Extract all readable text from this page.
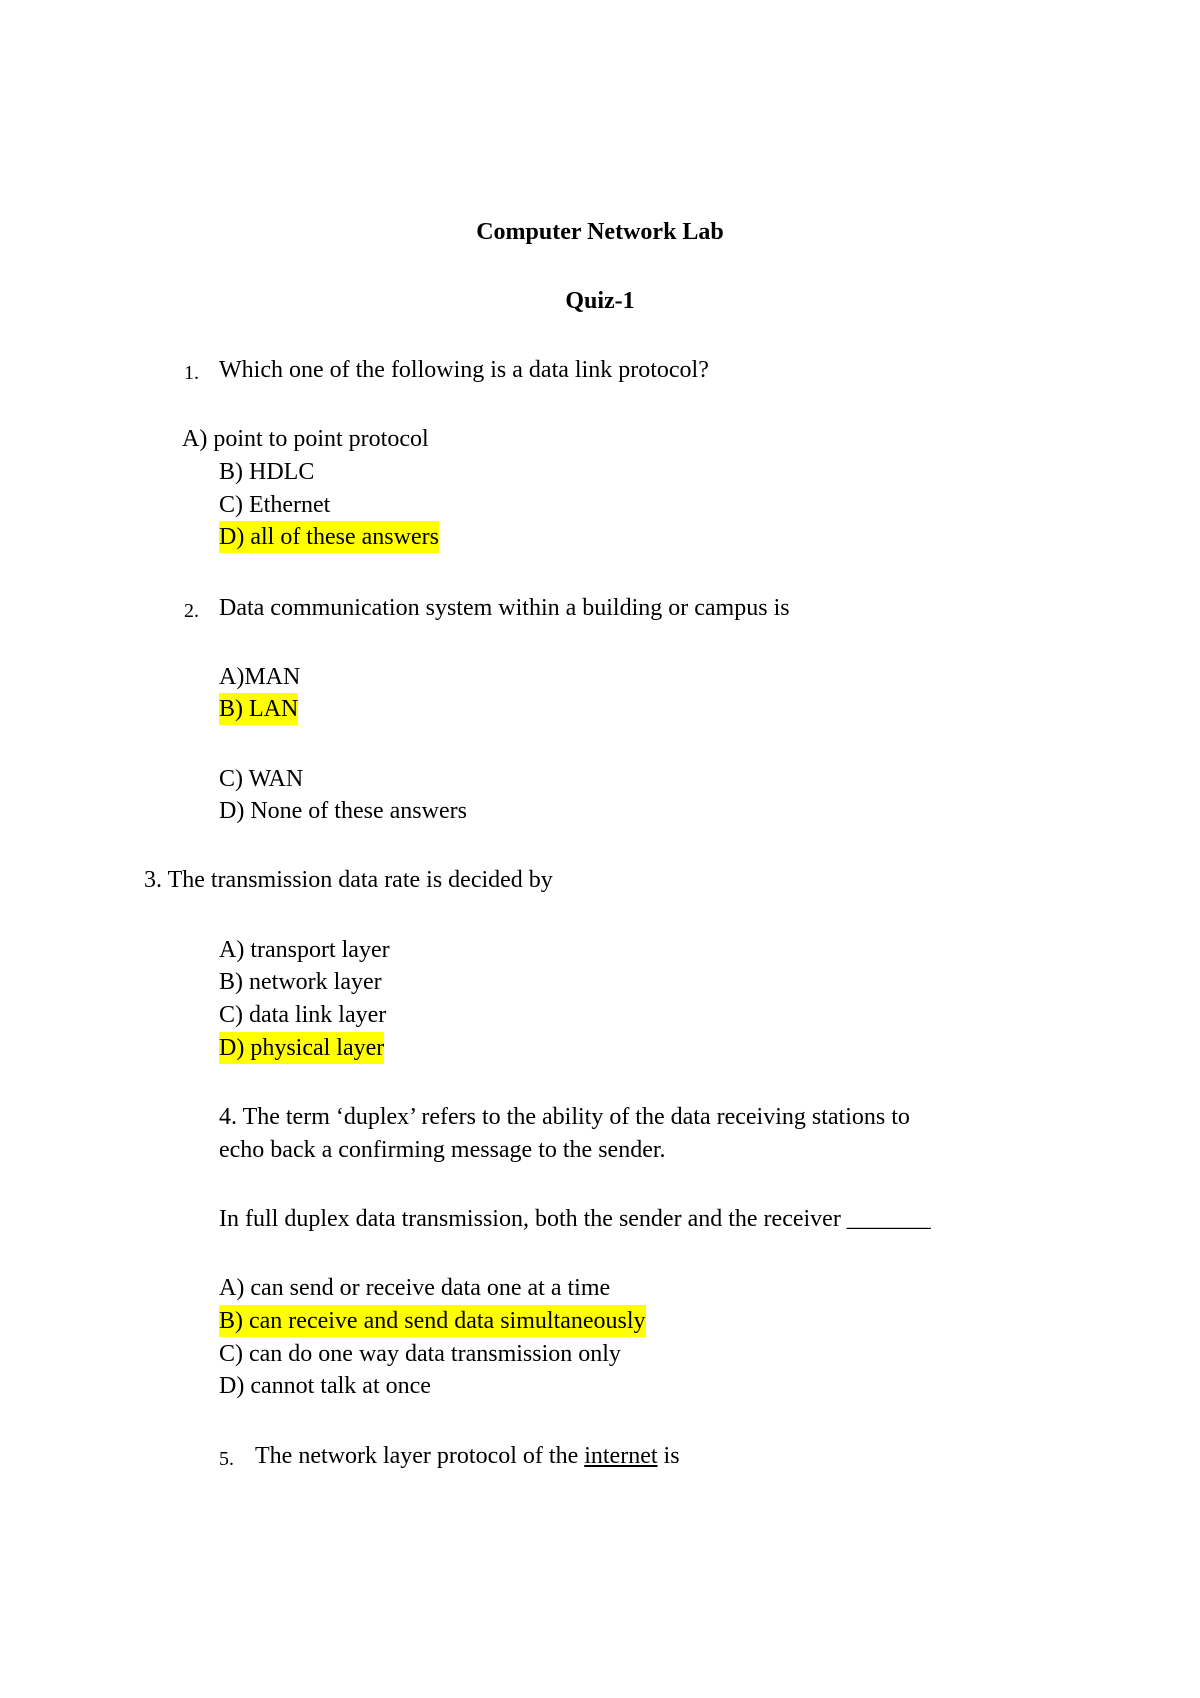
Computer Network Lab
Quiz-1
1. Which one of the following is a data link protocol?
A) point to point protocol
B) HDLC
C) Ethernet
D) all of these answers
2. Data communication system within a building or campus is
A)MAN
B) LAN
C) WAN
D) None of these answers
3. The transmission data rate is decided by
A) transport layer
B) network layer
C) data link layer
D) physical layer
4. The term ‘duplex’ refers to the ability of the data receiving stations to
echo back a confirming message to the sender.
In full duplex data transmission, both the sender and the receiver _______
A) can send or receive data one at a time
B) can receive and send data simultaneously
C) can do one way data transmission only
D) cannot talk at once
5. The network layer protocol of the internet is
